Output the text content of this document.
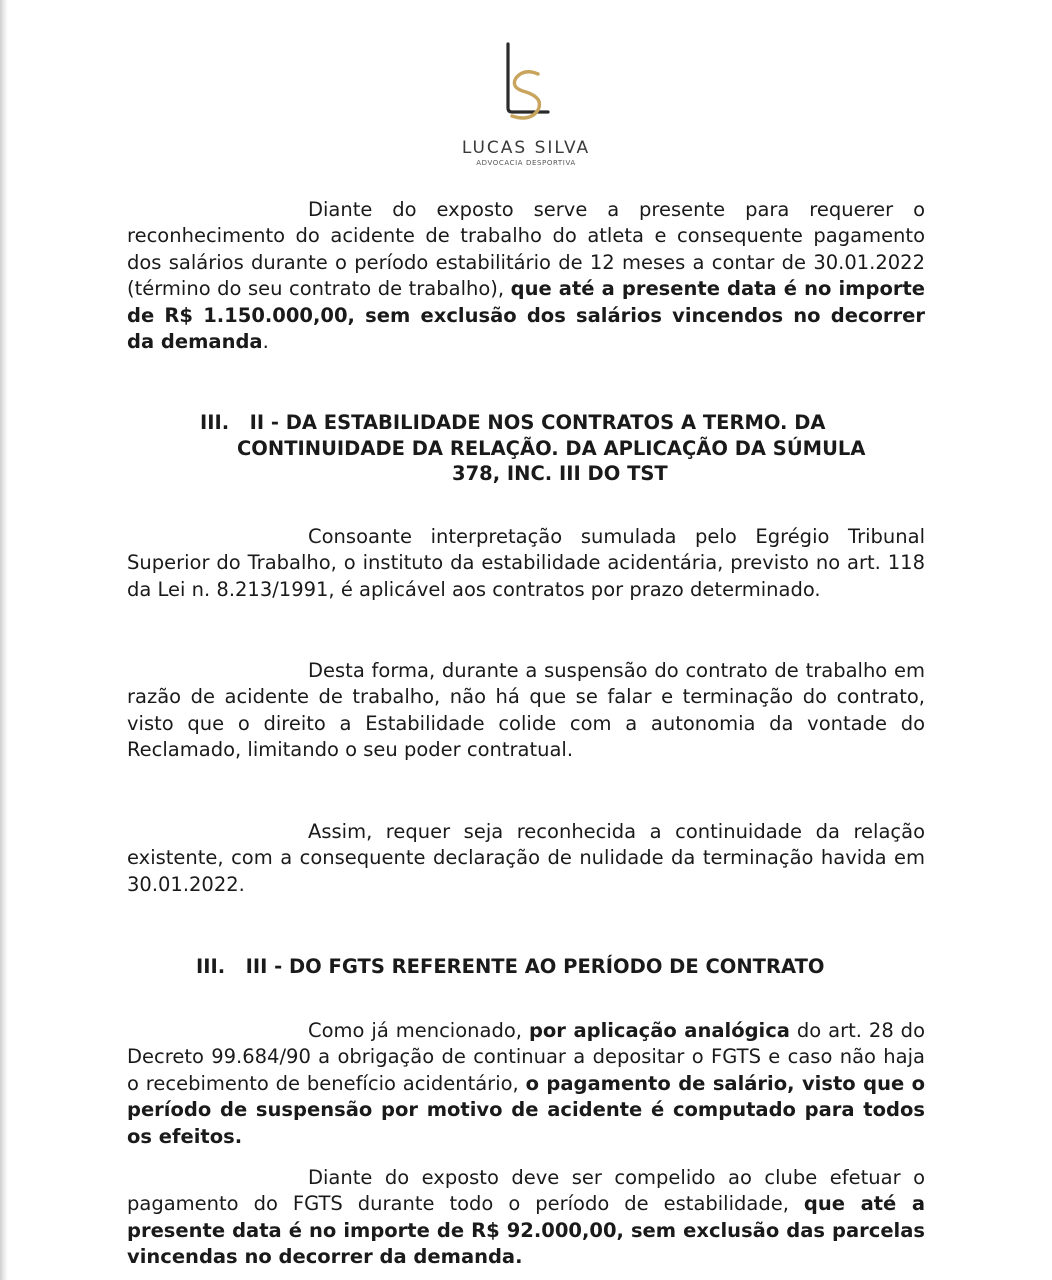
LUCAS SILVA
ADVOCACIA DESPORTIVA

Diante do exposto serve a presente para requerer o reconhecimento do acidente de trabalho do atleta e consequente pagamento dos salários durante o período estabilitário de 12 meses a contar de 30.01.2022 (término do seu contrato de trabalho), que até a presente data é no importe de R$ 1.150.000,00, sem exclusão dos salários vincendos no decorrer da demanda.

III. II - DA ESTABILIDADE NOS CONTRATOS A TERMO. DA
CONTINUIDADE DA RELAÇÃO. DA APLICAÇÃO DA SÚMULA
378, INC. III DO TST

Consoante interpretação sumulada pelo Egrégio Tribunal Superior do Trabalho, o instituto da estabilidade acidentária, previsto no art. 118 da Lei n. 8.213/1991, é aplicável aos contratos por prazo determinado.

Desta forma, durante a suspensão do contrato de trabalho em razão de acidente de trabalho, não há que se falar e terminação do contrato, visto que o direito a Estabilidade colide com a autonomia da vontade do Reclamado, limitando o seu poder contratual.

Assim, requer seja reconhecida a continuidade da relação existente, com a consequente declaração de nulidade da terminação havida em 30.01.2022.

III. III - DO FGTS REFERENTE AO PERÍODO DE CONTRATO

Como já mencionado, por aplicação analógica do art. 28 do Decreto 99.684/90 a obrigação de continuar a depositar o FGTS e caso não haja o recebimento de benefício acidentário, o pagamento de salário, visto que o período de suspensão por motivo de acidente é computado para todos os efeitos.

Diante do exposto deve ser compelido ao clube efetuar o pagamento do FGTS durante todo o período de estabilidade, que até a presente data é no importe de R$ 92.000,00, sem exclusão das parcelas vincendas no decorrer da demanda.
